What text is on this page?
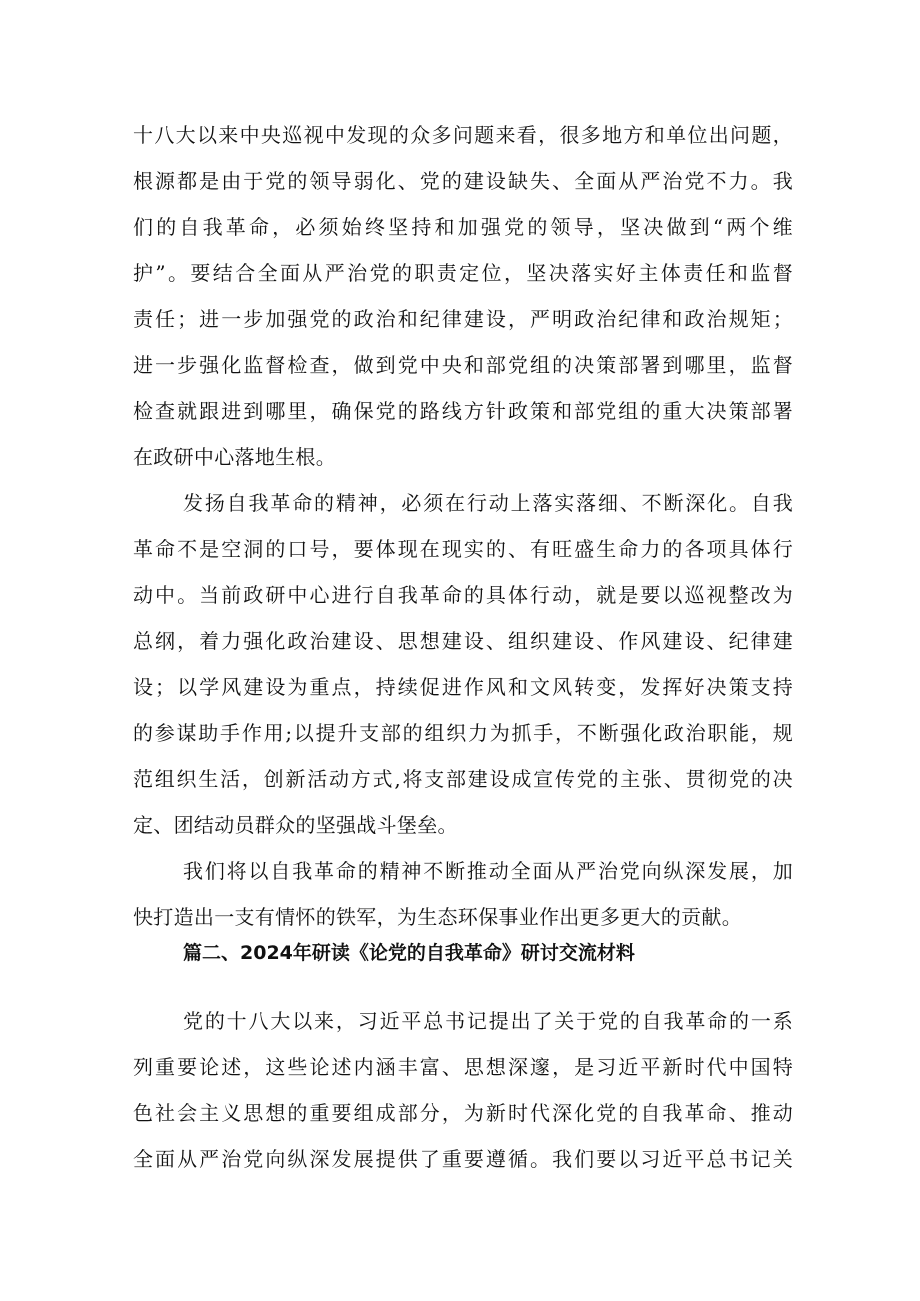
十八大以来中央巡视中发现的众多问题来看，很多地方和单位出问题，
根源都是由于党的领导弱化、党的建设缺失、全面从严治党不力。我
们的自我革命，必须始终坚持和加强党的领导，坚决做到“两个维
护”。要结合全面从严治党的职责定位，坚决落实好主体责任和监督
责任；进一步加强党的政治和纪律建设，严明政治纪律和政治规矩；
进一步强化监督检查，做到党中央和部党组的决策部署到哪里，监督
检查就跟进到哪里，确保党的路线方针政策和部党组的重大决策部署
在政研中心落地生根。
发扬自我革命的精神，必须在行动上落实落细、不断深化。自我
革命不是空洞的口号，要体现在现实的、有旺盛生命力的各项具体行
动中。当前政研中心进行自我革命的具体行动，就是要以巡视整改为
总纲，着力强化政治建设、思想建设、组织建设、作风建设、纪律建
设；以学风建设为重点，持续促进作风和文风转变，发挥好决策支持
的参谋助手作用;以提升支部的组织力为抓手，不断强化政治职能，规
范组织生活，创新活动方式,将支部建设成宣传党的主张、贯彻党的决
定、团结动员群众的坚强战斗堡垒。
我们将以自我革命的精神不断推动全面从严治党向纵深发展，加
篇二、2024年研读《论党的自我革命》研讨交流材料
党的十八大以来，习近平总书记提出了关于党的自我革命的一系
列重要论述，这些论述内涵丰富、思想深邃，是习近平新时代中国特
色社会主义思想的重要组成部分，为新时代深化党的自我革命、推动
全面从严治党向纵深发展提供了重要遵循。我们要以习近平总书记关
快打造出一支有情怀的铁军，为生态环保事业作出更多更大的贡献。
